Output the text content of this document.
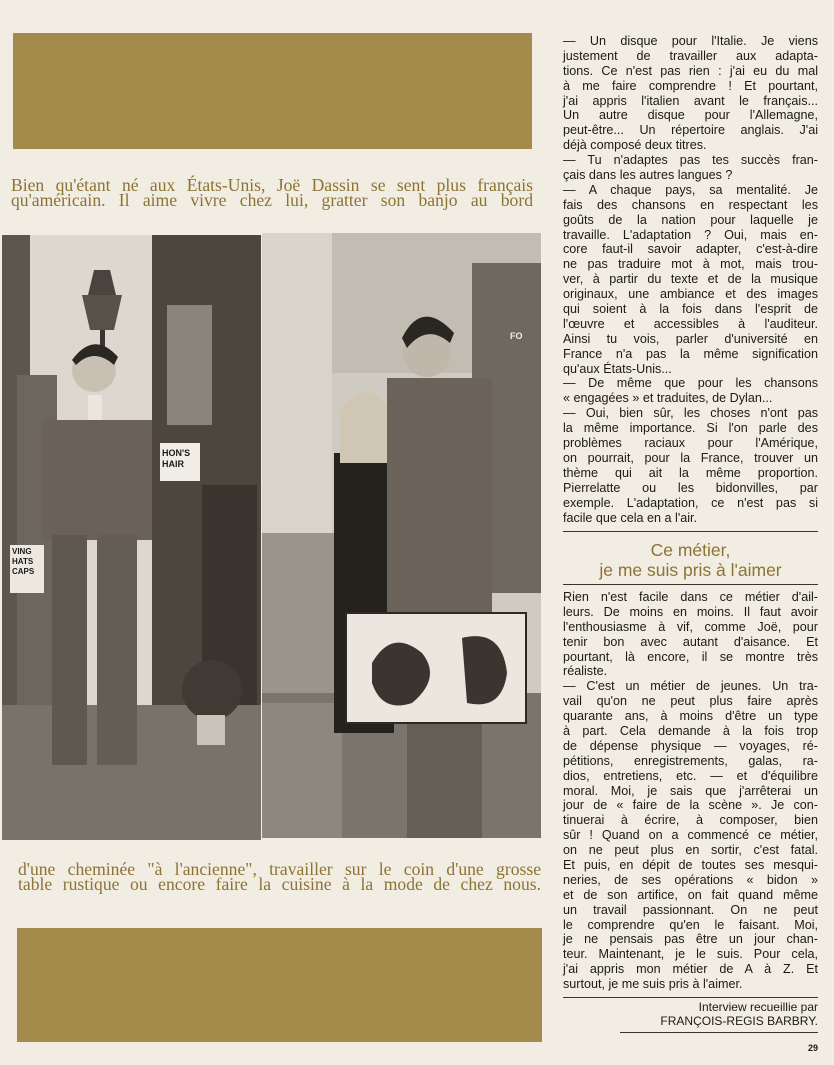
Bien qu'étant né aux États-Unis, Joë Dassin se sent plus français
qu'américain. Il aime vivre chez lui, gratter son banjo au bord
HON'S
HAIR
VING
HATS
CAPS
FO
d'une cheminée "à l'ancienne", travailler sur le coin d'une grosse
table rustique ou encore faire la cuisine à la mode de chez nous.
— Un disque pour l'Italie. Je viens
justement de travailler aux adapta-
tions. Ce n'est pas rien : j'ai eu du mal
à me faire comprendre ! Et pourtant,
j'ai appris l'italien avant le français...
Un autre disque pour l'Allemagne,
peut-être... Un répertoire anglais. J'ai
déjà composé deux titres.
— Tu n'adaptes pas tes succès fran-
çais dans les autres langues ?
— A chaque pays, sa mentalité. Je
fais des chansons en respectant les
goûts de la nation pour laquelle je
travaille. L'adaptation ? Oui, mais en-
core faut-il savoir adapter, c'est-à-dire
ne pas traduire mot à mot, mais trou-
ver, à partir du texte et de la musique
originaux, une ambiance et des images
qui soient à la fois dans l'esprit de
l'œuvre et accessibles à l'auditeur.
Ainsi tu vois, parler d'université en
France n'a pas la même signification
qu'aux États-Unis...
— De même que pour les chansons
« engagées » et traduites, de Dylan...
— Oui, bien sûr, les choses n'ont pas
la même importance. Si l'on parle des
problèmes raciaux pour l'Amérique,
on pourrait, pour la France, trouver un
thème qui ait la même proportion.
Pierrelatte ou les bidonvilles, par
exemple. L'adaptation, ce n'est pas si
facile que cela en a l'air.
Ce métier,
je me suis pris à l'aimer
Rien n'est facile dans ce métier d'ail-
leurs. De moins en moins. Il faut avoir
l'enthousiasme à vif, comme Joë, pour
tenir bon avec autant d'aisance. Et
pourtant, là encore, il se montre très
réaliste.
— C'est un métier de jeunes. Un tra-
vail qu'on ne peut plus faire après
quarante ans, à moins d'être un type
à part. Cela demande à la fois trop
de dépense physique — voyages, ré-
pétitions, enregistrements, galas, ra-
dios, entretiens, etc. — et d'équilibre
moral. Moi, je sais que j'arrêterai un
jour de « faire de la scène ». Je con-
tinuerai à écrire, à composer, bien
sûr ! Quand on a commencé ce métier,
on ne peut plus en sortir, c'est fatal.
Et puis, en dépit de toutes ses mesqui-
neries, de ses opérations « bidon »
et de son artifice, on fait quand même
un travail passionnant. On ne peut
le comprendre qu'en le faisant. Moi,
je ne pensais pas être un jour chan-
teur. Maintenant, je le suis. Pour cela,
j'ai appris mon métier de A à Z. Et
surtout, je me suis pris à l'aimer.
Interview recueillie par
FRANÇOIS-REGIS BARBRY.
29
